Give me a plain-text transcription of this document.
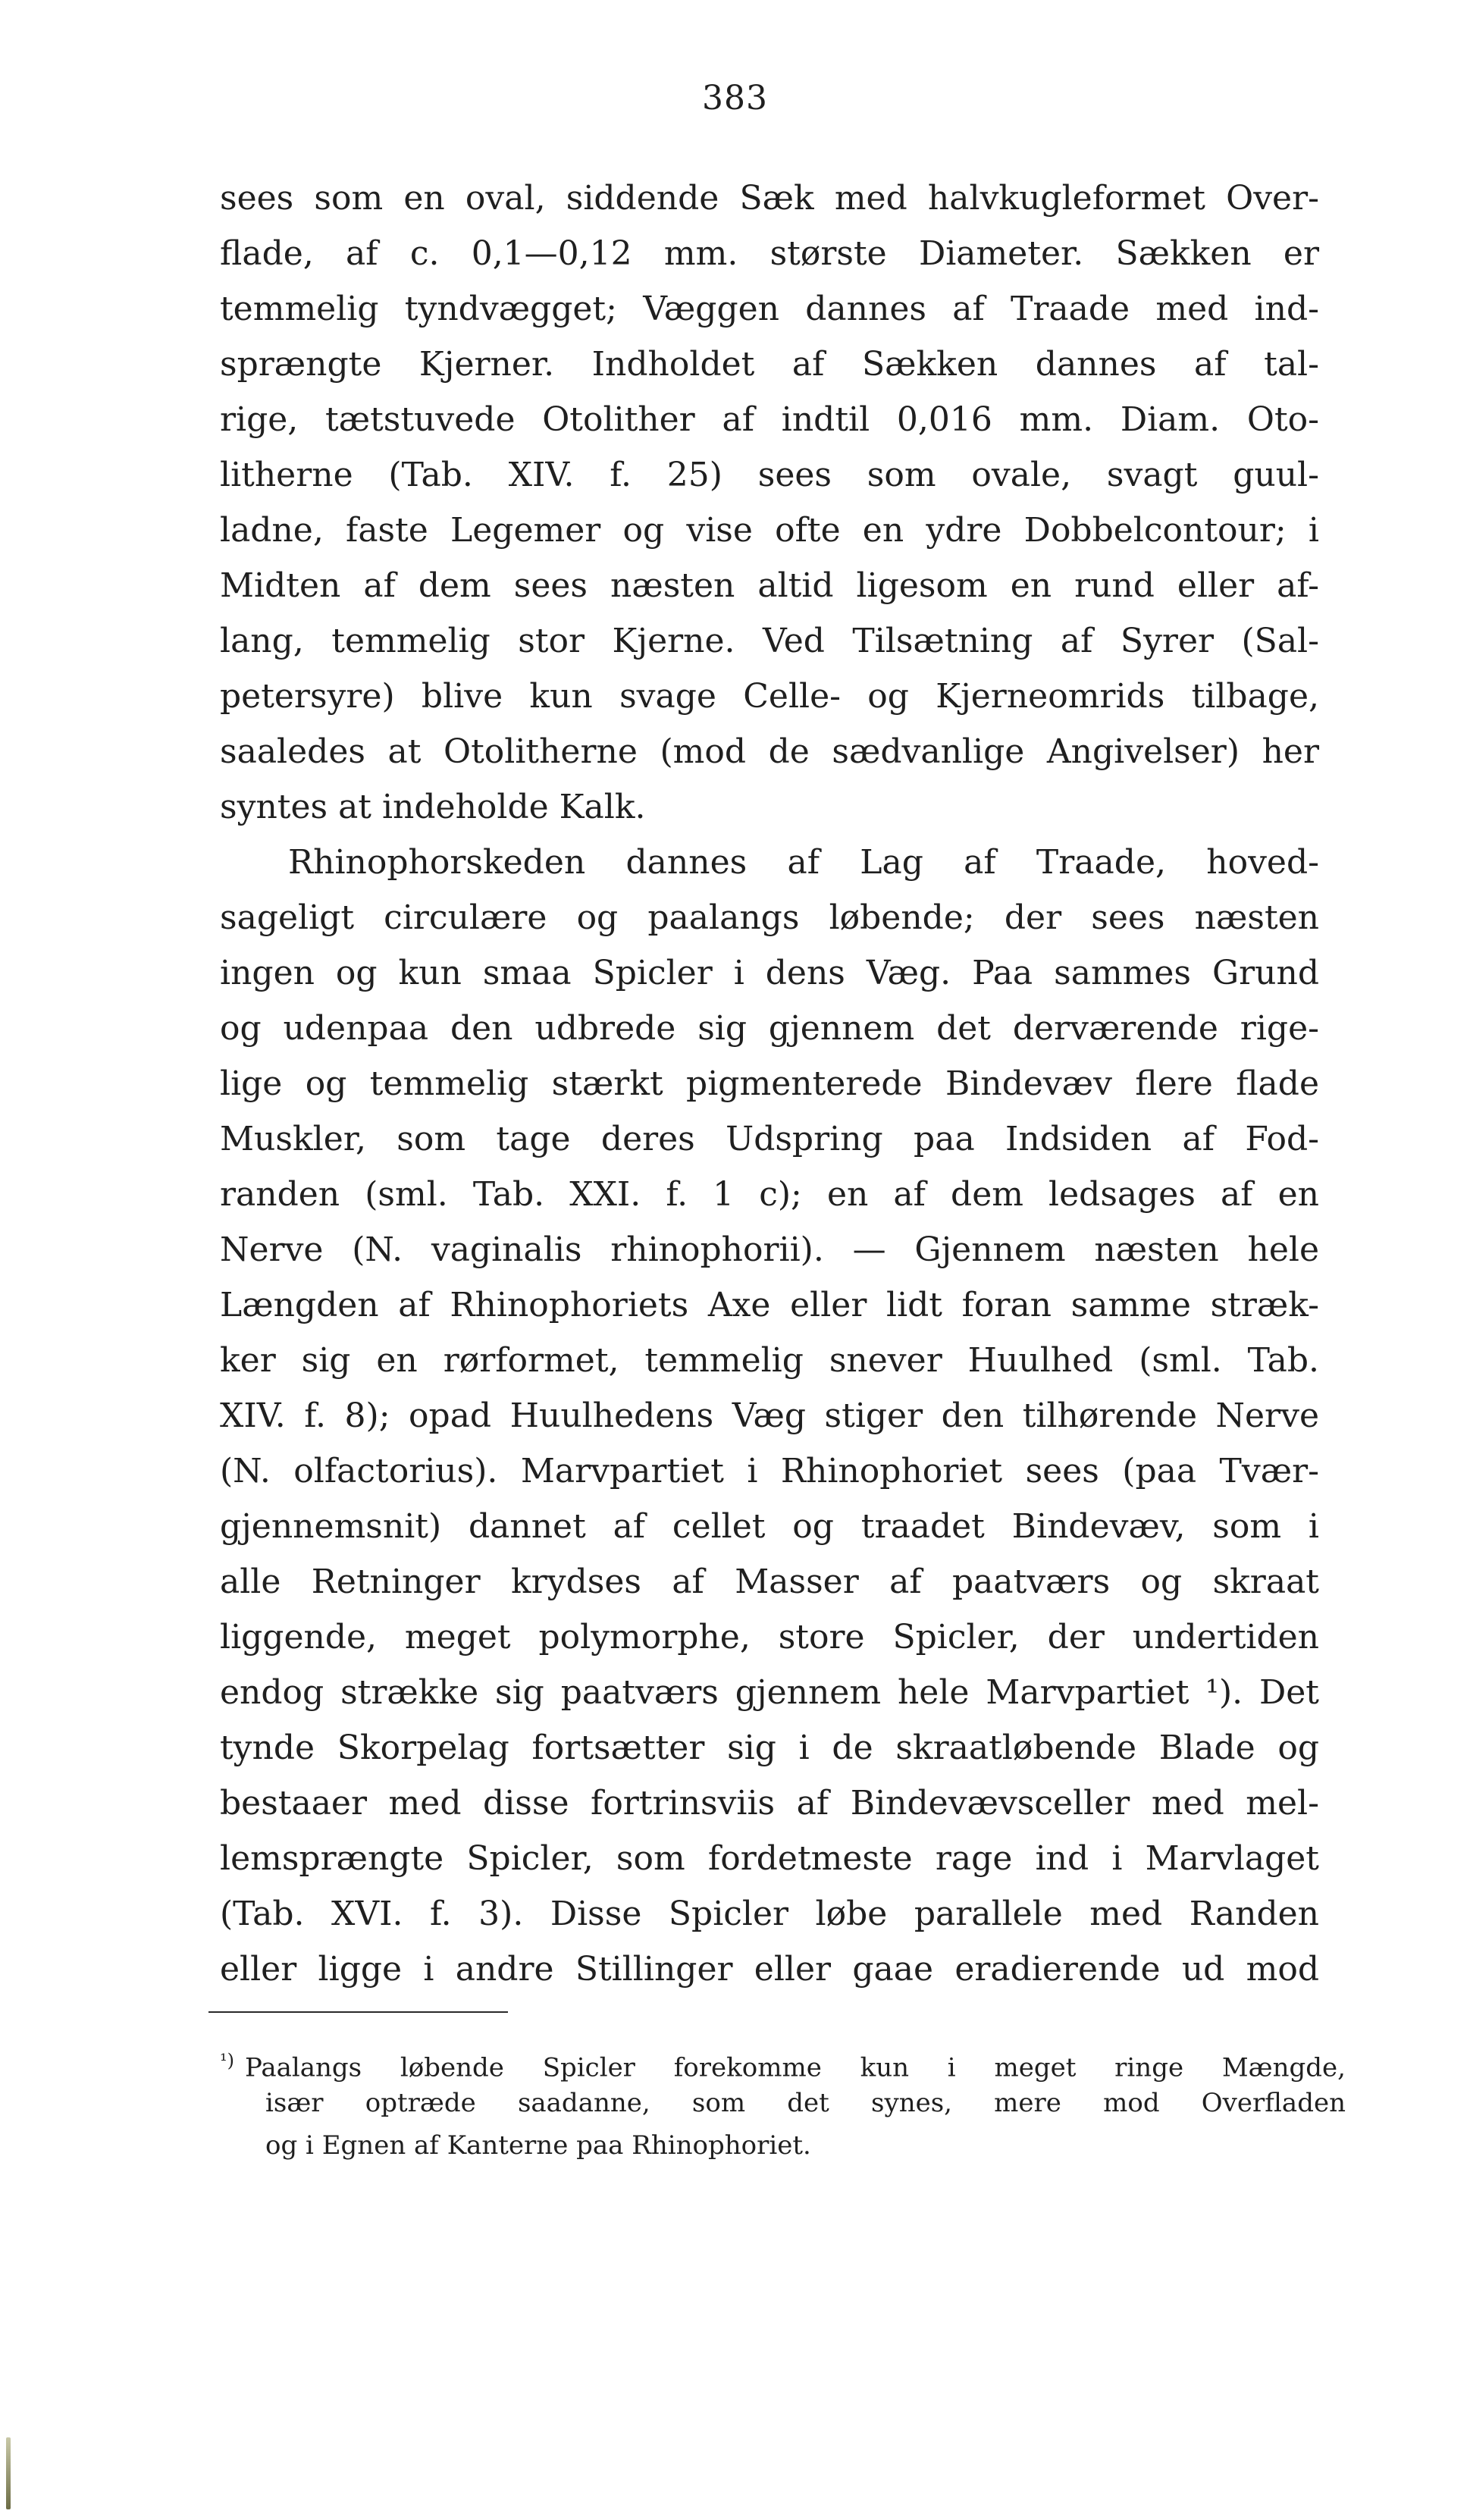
383
sees som en oval, siddende Sæk med halvkugleformet Over-
flade, af c. 0,1—0,12 mm. største Diameter. Sækken er
temmelig tyndvægget; Væggen dannes af Traade med ind-
sprængte Kjerner. Indholdet af Sækken dannes af tal-
rige, tætstuvede Otolither af indtil 0,016 mm. Diam. Oto-
litherne (Tab. XIV. f. 25) sees som ovale, svagt guul-
ladne, faste Legemer og vise ofte en ydre Dobbelcontour; i
Midten af dem sees næsten altid ligesom en rund eller af-
lang, temmelig stor Kjerne. Ved Tilsætning af Syrer (Sal-
petersyre) blive kun svage Celle- og Kjerneomrids tilbage,
saaledes at Otolitherne (mod de sædvanlige Angivelser) her
syntes at indeholde Kalk.
Rhinophorskeden dannes af Lag af Traade, hoved-
sageligt circulære og paalangs løbende; der sees næsten
ingen og kun smaa Spicler i dens Væg. Paa sammes Grund
og udenpaa den udbrede sig gjennem det derværende rige-
lige og temmelig stærkt pigmenterede Bindevæv flere flade
Muskler, som tage deres Udspring paa Indsiden af Fod-
randen (sml. Tab. XXI. f. 1 c); en af dem ledsages af en
Nerve (N. vaginalis rhinophorii). — Gjennem næsten hele
Længden af Rhinophoriets Axe eller lidt foran samme stræk-
ker sig en rørformet, temmelig snever Huulhed (sml. Tab.
XIV. f. 8); opad Huulhedens Væg stiger den tilhørende Nerve
(N. olfactorius). Marvpartiet i Rhinophoriet sees (paa Tvær-
gjennemsnit) dannet af cellet og traadet Bindevæv, som i
alle Retninger krydses af Masser af paatværs og skraat
liggende, meget polymorphe, store Spicler, der undertiden
endog strække sig paatværs gjennem hele Marvpartiet ¹). Det
tynde Skorpelag fortsætter sig i de skraatløbende Blade og
bestaaer med disse fortrinsviis af Bindevævsceller med mel-
lemsprængte Spicler, som fordetmeste rage ind i Marvlaget
(Tab. XVI. f. 3). Disse Spicler løbe parallele med Randen
eller ligge i andre Stillinger eller gaae eradierende ud mod
$^{^1)}$ Paalangs løbende Spicler forekomme kun i meget ringe Mængde,
især optræde saadanne, som det synes, mere mod Overfladen
og i Egnen af Kanterne paa Rhinophoriet.
